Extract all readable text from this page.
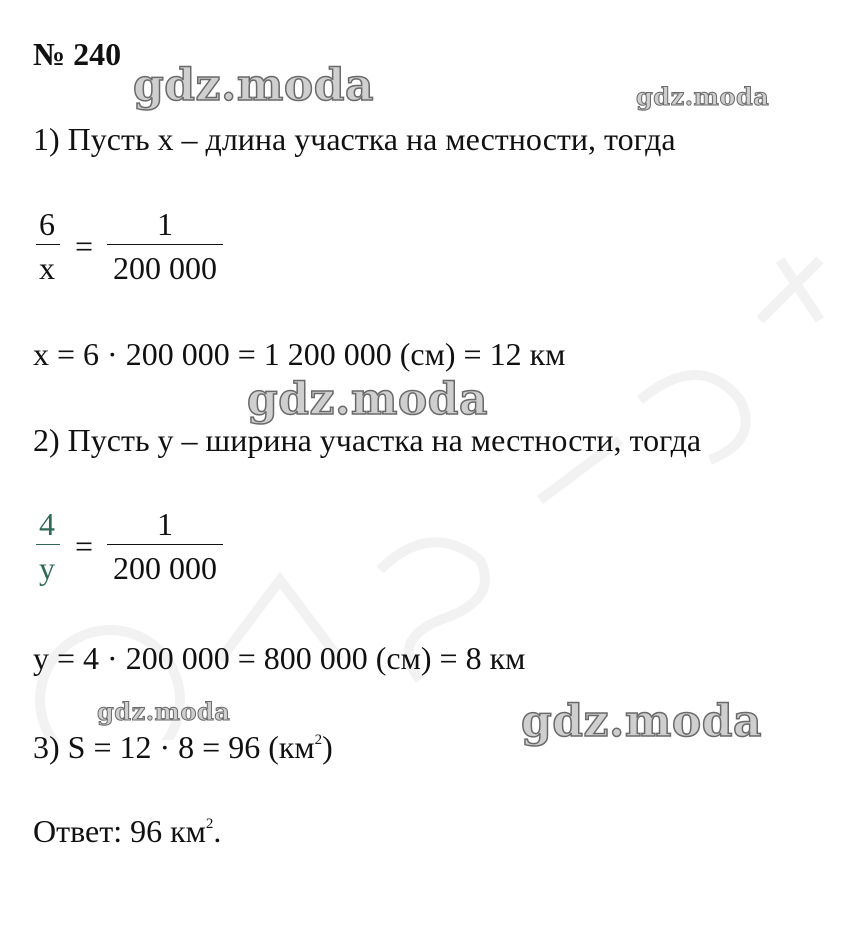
№ 240
gdz.moda	gdz.moda
gdz.moda
gdz.moda	gdz.moda
1) Пусть x – длина участка на местности, тогда
6
x
=
1
200 000
x = 6 · 200 000 = 1 200 000 (см) = 12 км
2) Пусть y – ширина участка на местности, тогда
4
y
=
1
200 000
y = 4 · 200 000 = 800 000 (см) = 8 км
3) S = 12 · 8 = 96 $(км^2)$
Ответ: 96 $км^2$.
